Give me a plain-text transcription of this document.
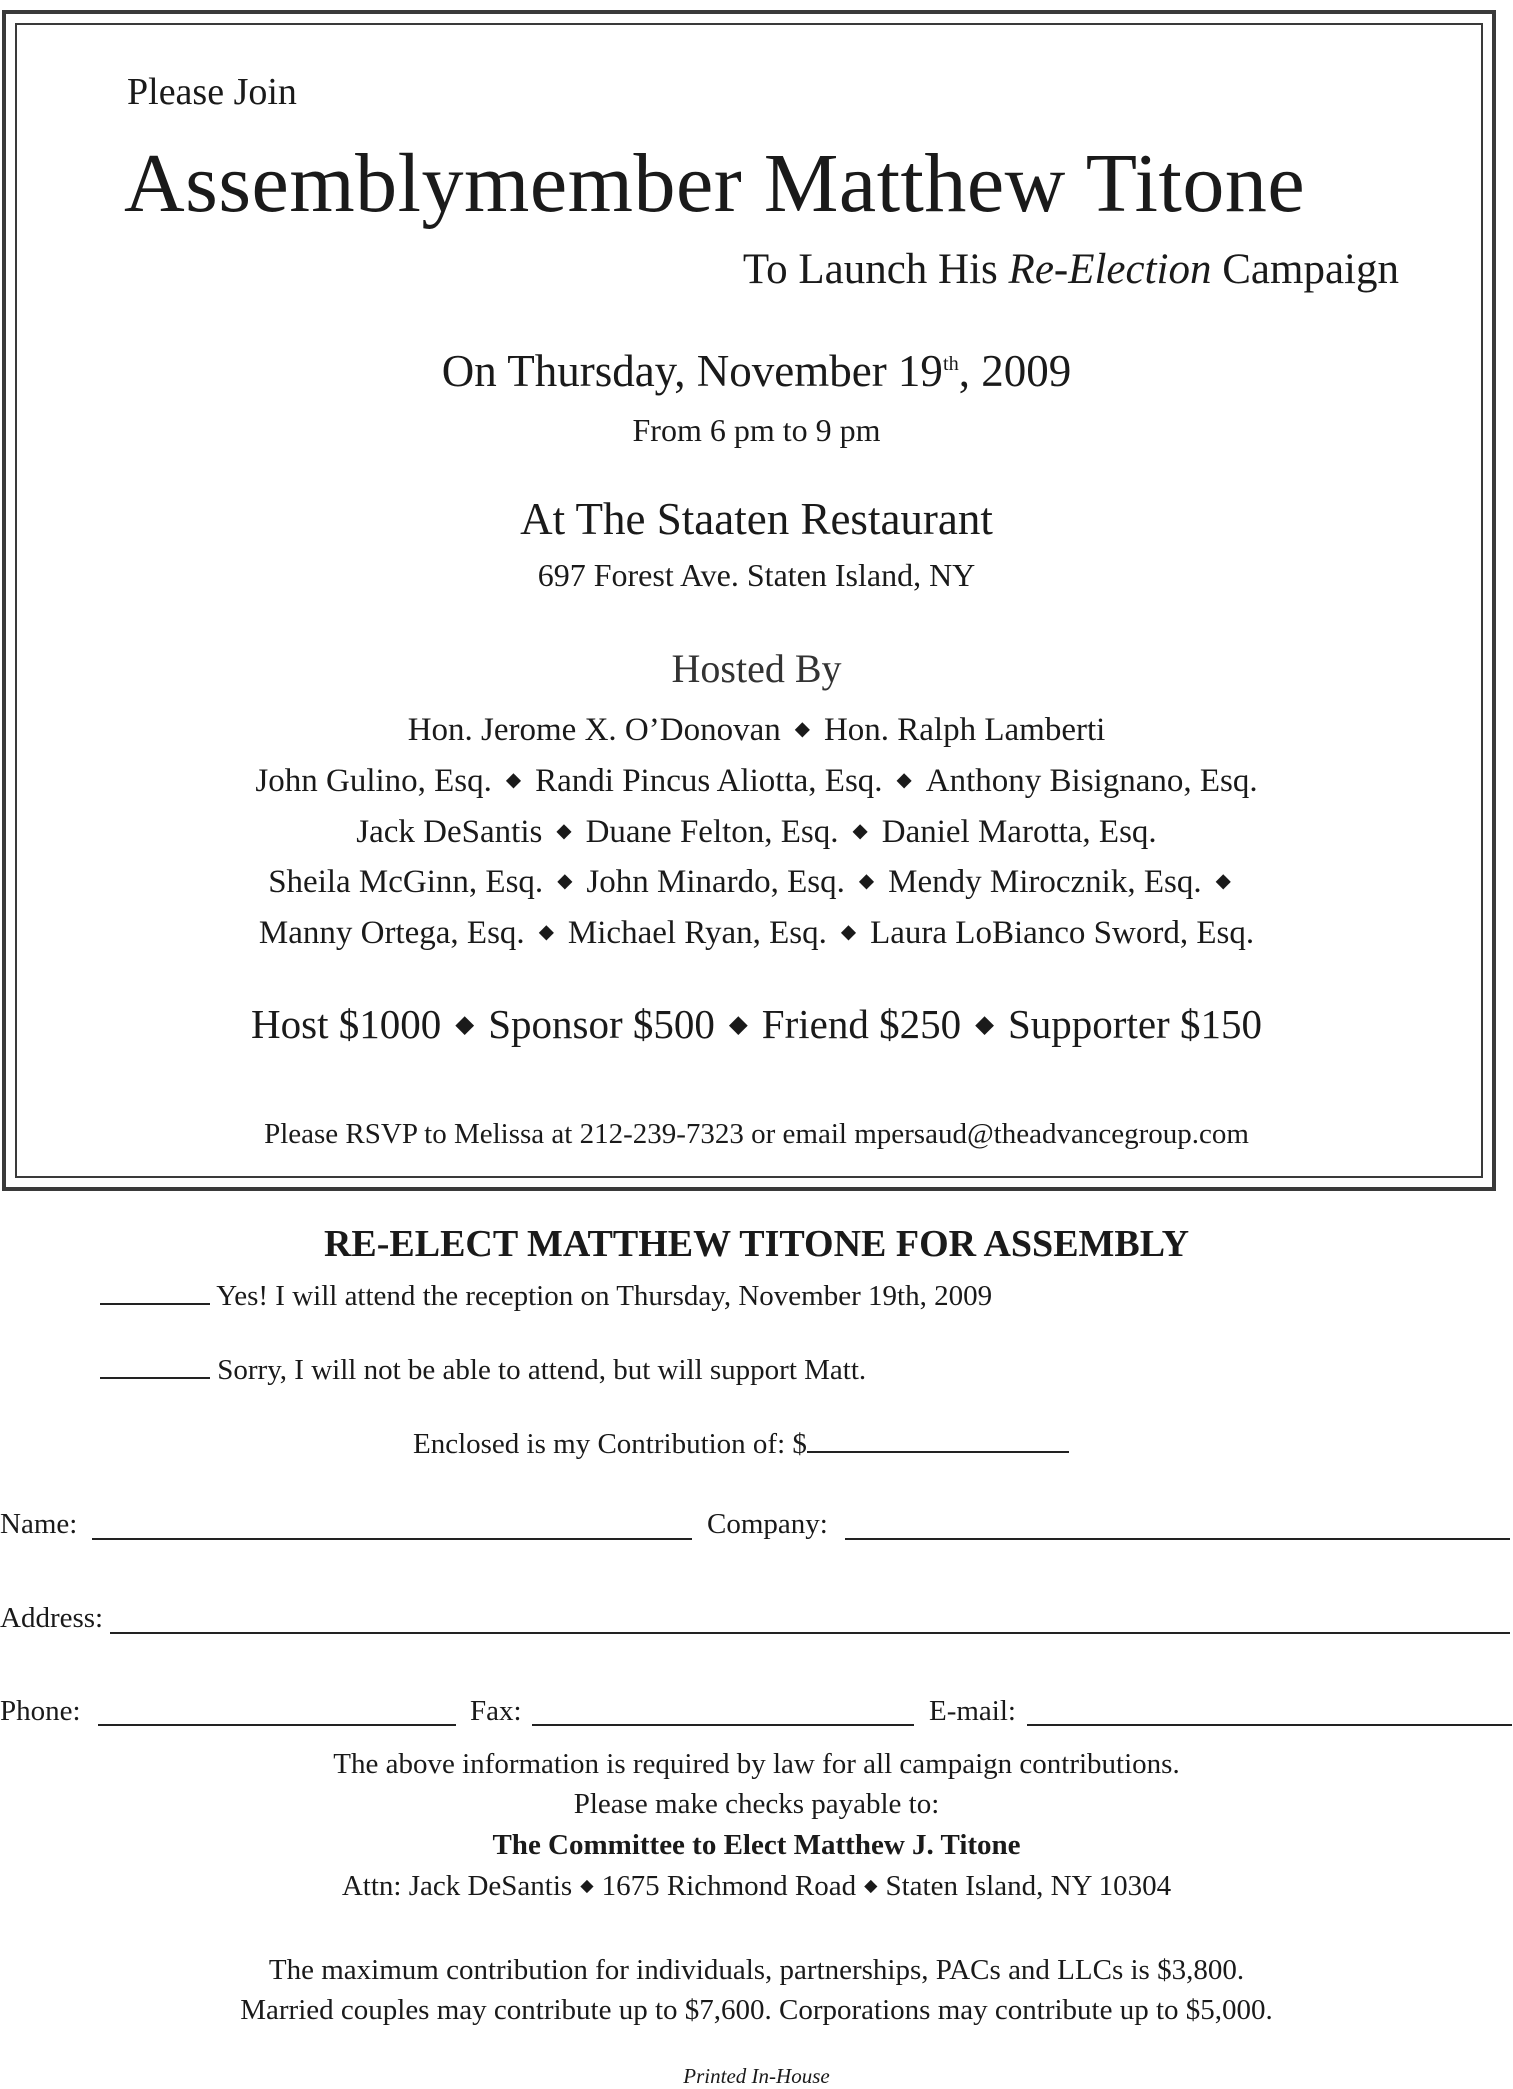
Please Join
Assemblymember Matthew Titone
To Launch His Re-Election Campaign
On Thursday, November 19th, 2009
From 6 pm to 9 pm
At The Staaten Restaurant
697 Forest Ave. Staten Island, NY
Hosted By
Hon. Jerome X. O’Donovan ◆ Hon. Ralph Lamberti
John Gulino, Esq. ◆ Randi Pincus Aliotta, Esq. ◆ Anthony Bisignano, Esq.
Jack DeSantis ◆ Duane Felton, Esq. ◆ Daniel Marotta, Esq.
Sheila McGinn, Esq. ◆ John Minardo, Esq. ◆ Mendy Mirocznik, Esq. ◆
Manny Ortega, Esq. ◆ Michael Ryan, Esq. ◆ Laura LoBianco Sword, Esq.
Host $1000 ◆ Sponsor $500 ◆ Friend $250 ◆ Supporter $150
Please RSVP to Melissa at 212-239-7323 or email mpersaud@theadvancegroup.com
RE-ELECT MATTHEW TITONE FOR ASSEMBLY
Yes! I will attend the reception on Thursday, November 19th, 2009
Sorry, I will not be able to attend, but will support Matt.
Enclosed is my Contribution of: $
Name:	Company:
Address:
Phone:	Fax:	E-mail:
The above information is required by law for all campaign contributions.
Please make checks payable to:
The Committee to Elect Matthew J. Titone
Attn: Jack DeSantis ◆ 1675 Richmond Road ◆ Staten Island, NY 10304
The maximum contribution for individuals, partnerships, PACs and LLCs is $3,800.
Married couples may contribute up to $7,600. Corporations may contribute up to $5,000.
Printed In-House
